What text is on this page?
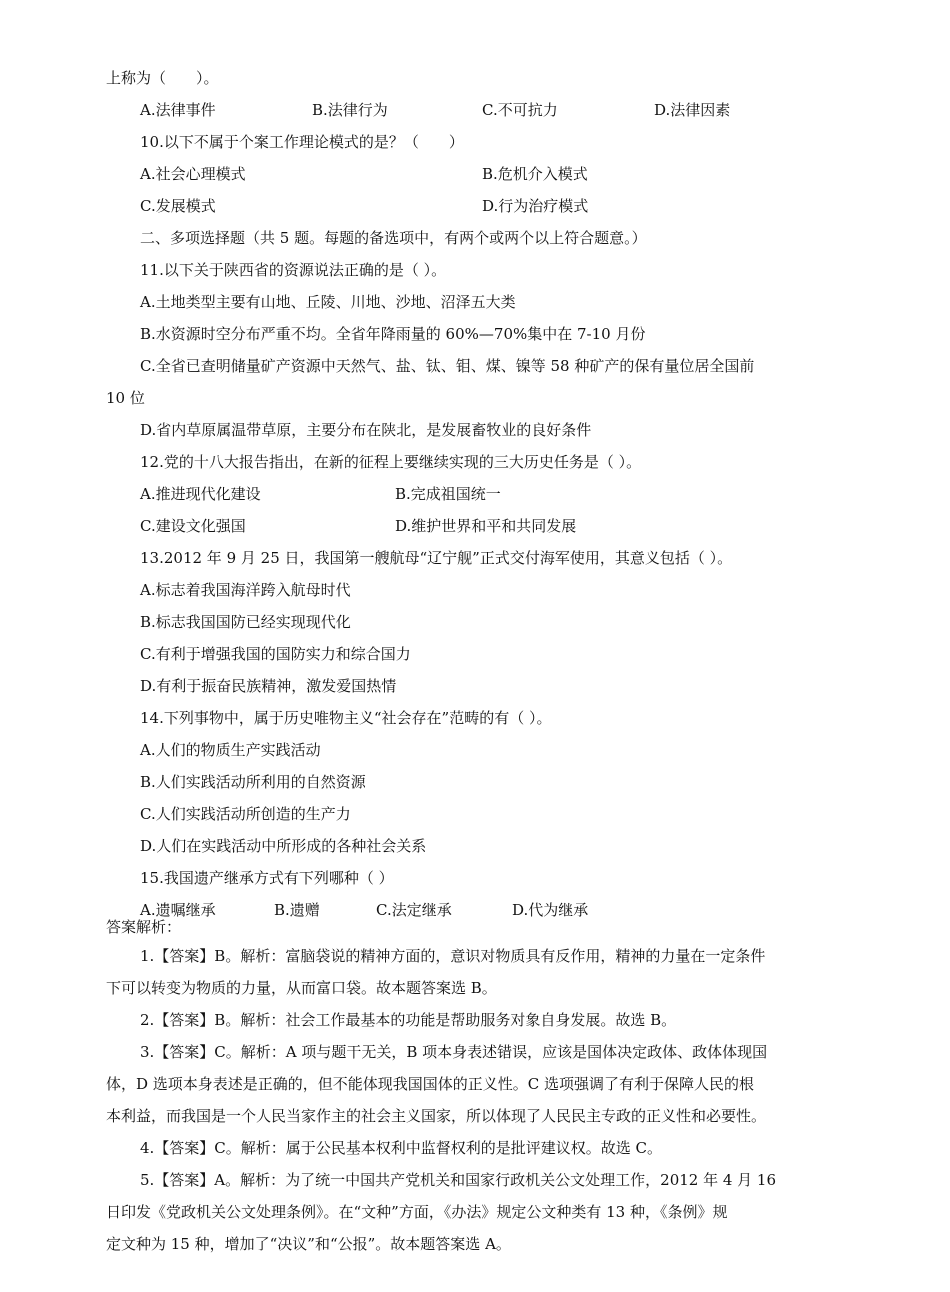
上称为（　　）。
A.法律事件	B.法律行为	C.不可抗力	D.法律因素
10.以下不属于个案工作理论模式的是？（　　）
A.社会心理模式	B.危机介入模式
C.发展模式	D.行为治疗模式
二、多项选择题（共 5 题。每题的备选项中，有两个或两个以上符合题意。）
11.以下关于陕西省的资源说法正确的是（ ）。
A.土地类型主要有山地、丘陵、川地、沙地、沼泽五大类
B.水资源时空分布严重不均。全省年降雨量的 60%—70%集中在 7-10 月份
C.全省已查明储量矿产资源中天然气、盐、钛、钼、煤、镍等 58 种矿产的保有量位居全国前
10 位
D.省内草原属温带草原，主要分布在陕北，是发展畜牧业的良好条件
12.党的十八大报告指出，在新的征程上要继续实现的三大历史任务是（ ）。
A.推进现代化建设	B.完成祖国统一
C.建设文化强国	D.维护世界和平和共同发展
13.2012 年 9 月 25 日，我国第一艘航母“辽宁舰”正式交付海军使用，其意义包括（ ）。
A.标志着我国海洋跨入航母时代
B.标志我国国防已经实现现代化
C.有利于增强我国的国防实力和综合国力
D.有利于振奋民族精神，激发爱国热情
14.下列事物中，属于历史唯物主义“社会存在”范畴的有（ ）。
A.人们的物质生产实践活动
B.人们实践活动所利用的自然资源
C.人们实践活动所创造的生产力
D.人们在实践活动中所形成的各种社会关系
15.我国遗产继承方式有下列哪种（ ）
A.遗嘱继承	B.遗赠	C.法定继承	D.代为继承
答案解析：
1.【答案】B。解析：富脑袋说的精神方面的，意识对物质具有反作用，精神的力量在一定条件
下可以转变为物质的力量，从而富口袋。故本题答案选 B。
2.【答案】B。解析：社会工作最基本的功能是帮助服务对象自身发展。故选 B。
3.【答案】C。解析：A 项与题干无关，B 项本身表述错误，应该是国体决定政体、政体体现国
体，D 选项本身表述是正确的，但不能体现我国国体的正义性。C 选项强调了有利于保障人民的根
本利益，而我国是一个人民当家作主的社会主义国家，所以体现了人民民主专政的正义性和必要性。
4.【答案】C。解析：属于公民基本权利中监督权利的是批评建议权。故选 C。
5.【答案】A。解析：为了统一中国共产党机关和国家行政机关公文处理工作，2012 年 4 月 16
日印发《党政机关公文处理条例》。在“文种”方面，《办法》规定公文种类有 13 种，《条例》规
定文种为 15 种，增加了“决议”和“公报”。故本题答案选 A。
